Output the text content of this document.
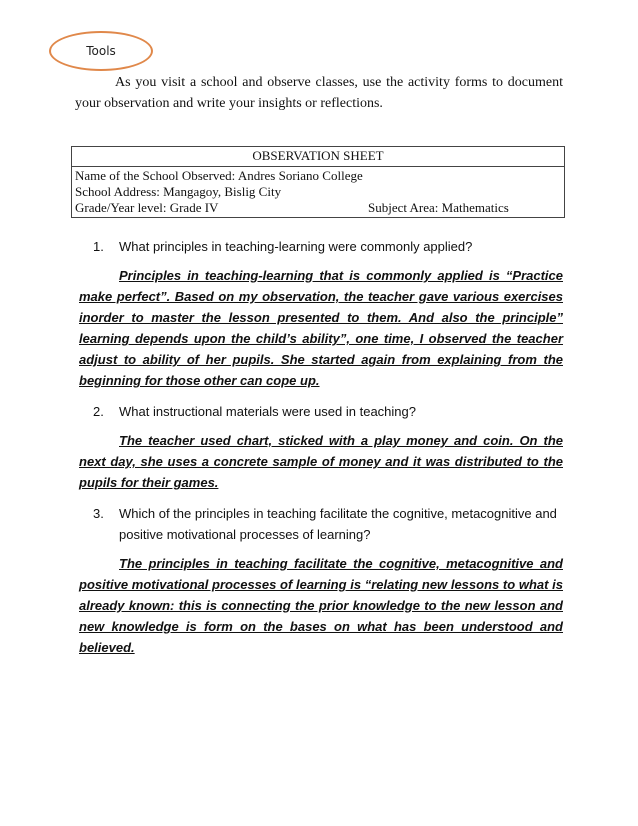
Tools

As you visit a school and observe classes, use the activity forms to document your observation and write your insights or reflections.

OBSERVATION SHEET

Name of the School Observed: Andres Soriano College
School Address: Mangagoy, Bislig City
Grade/Year level: Grade IV	Subject Area: Mathematics
1.	What principles in teaching-learning were commonly applied?

Principles in teaching-learning that is commonly applied is “Practice make perfect”. Based on my observation, the teacher gave various exercises inorder to master the lesson presented to them. And also the principle” learning depends upon the child’s ability”, one time, I observed the teacher adjust to ability of her pupils. She started again from explaining from the beginning for those other can cope up.

2.	What instructional materials were used in teaching?

The teacher used chart, sticked with a play money and coin. On the next day, she uses a concrete sample of money and it was distributed to the pupils for their games.

3.	Which of the principles in teaching facilitate the cognitive, metacognitive and positive motivational processes of learning?

The principles in teaching facilitate the cognitive, metacognitive and positive motivational processes of learning is “relating new lessons to what is already known: this is connecting the prior knowledge to the new lesson and new knowledge is form on the bases on what has been understood and believed.
